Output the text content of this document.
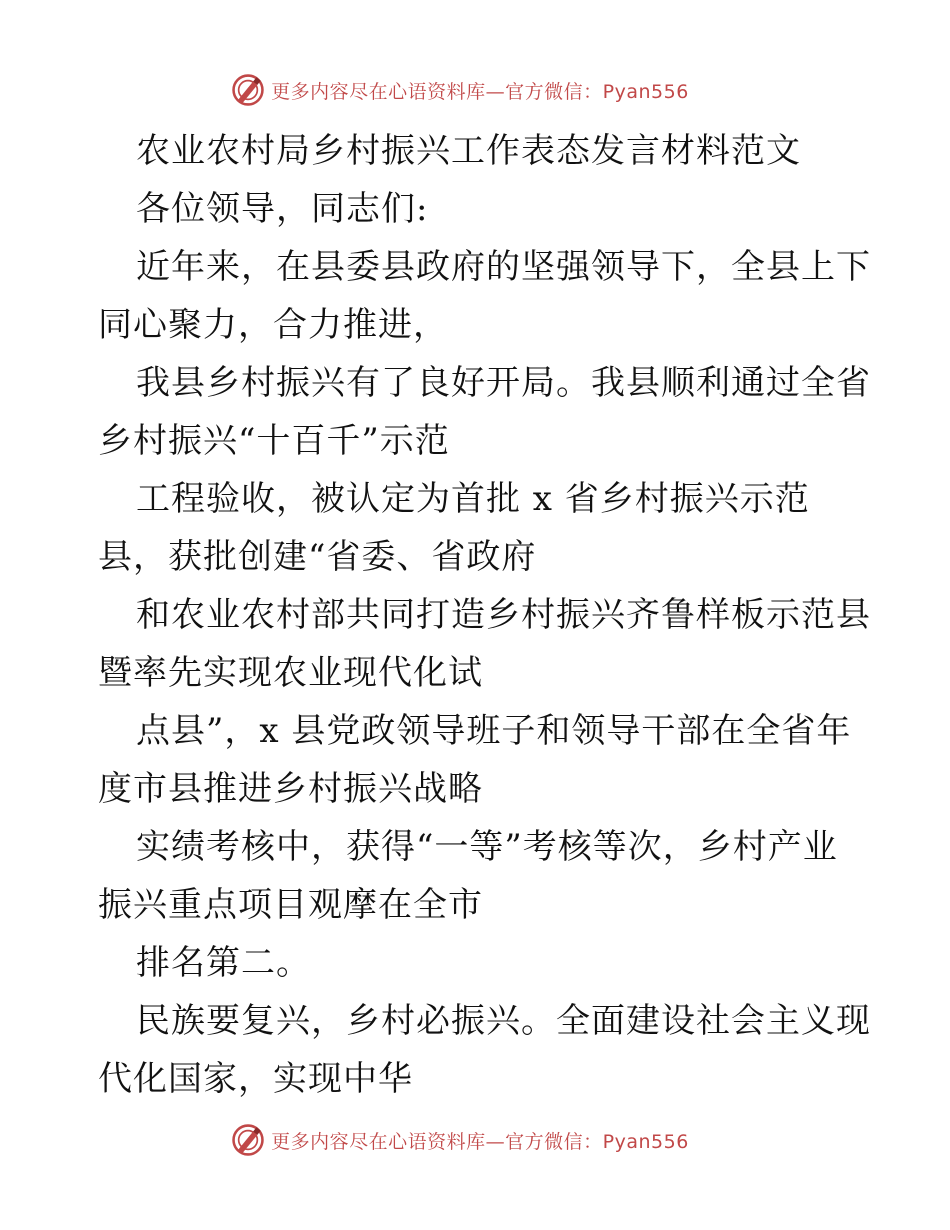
更多内容尽在心语资料库—官方微信：Pyan556
农业农村局乡村振兴工作表态发言材料范文
各位领导，同志们:
近年来，在县委县政府的坚强领导下，全县上下
同心聚力，合力推进，
我县乡村振兴有了良好开局。我县顺利通过全省
乡村振兴“十百千”示范
工程验收，被认定为首批 x 省乡村振兴示范
县，获批创建“省委、省政府
和农业农村部共同打造乡村振兴齐鲁样板示范县
暨率先实现农业现代化试
点县”，x 县党政领导班子和领导干部在全省年
度市县推进乡村振兴战略
实绩考核中，获得“一等”考核等次，乡村产业
振兴重点项目观摩在全市
排名第二。
民族要复兴，乡村必振兴。全面建设社会主义现
代化国家，实现中华
更多内容尽在心语资料库—官方微信：Pyan556
